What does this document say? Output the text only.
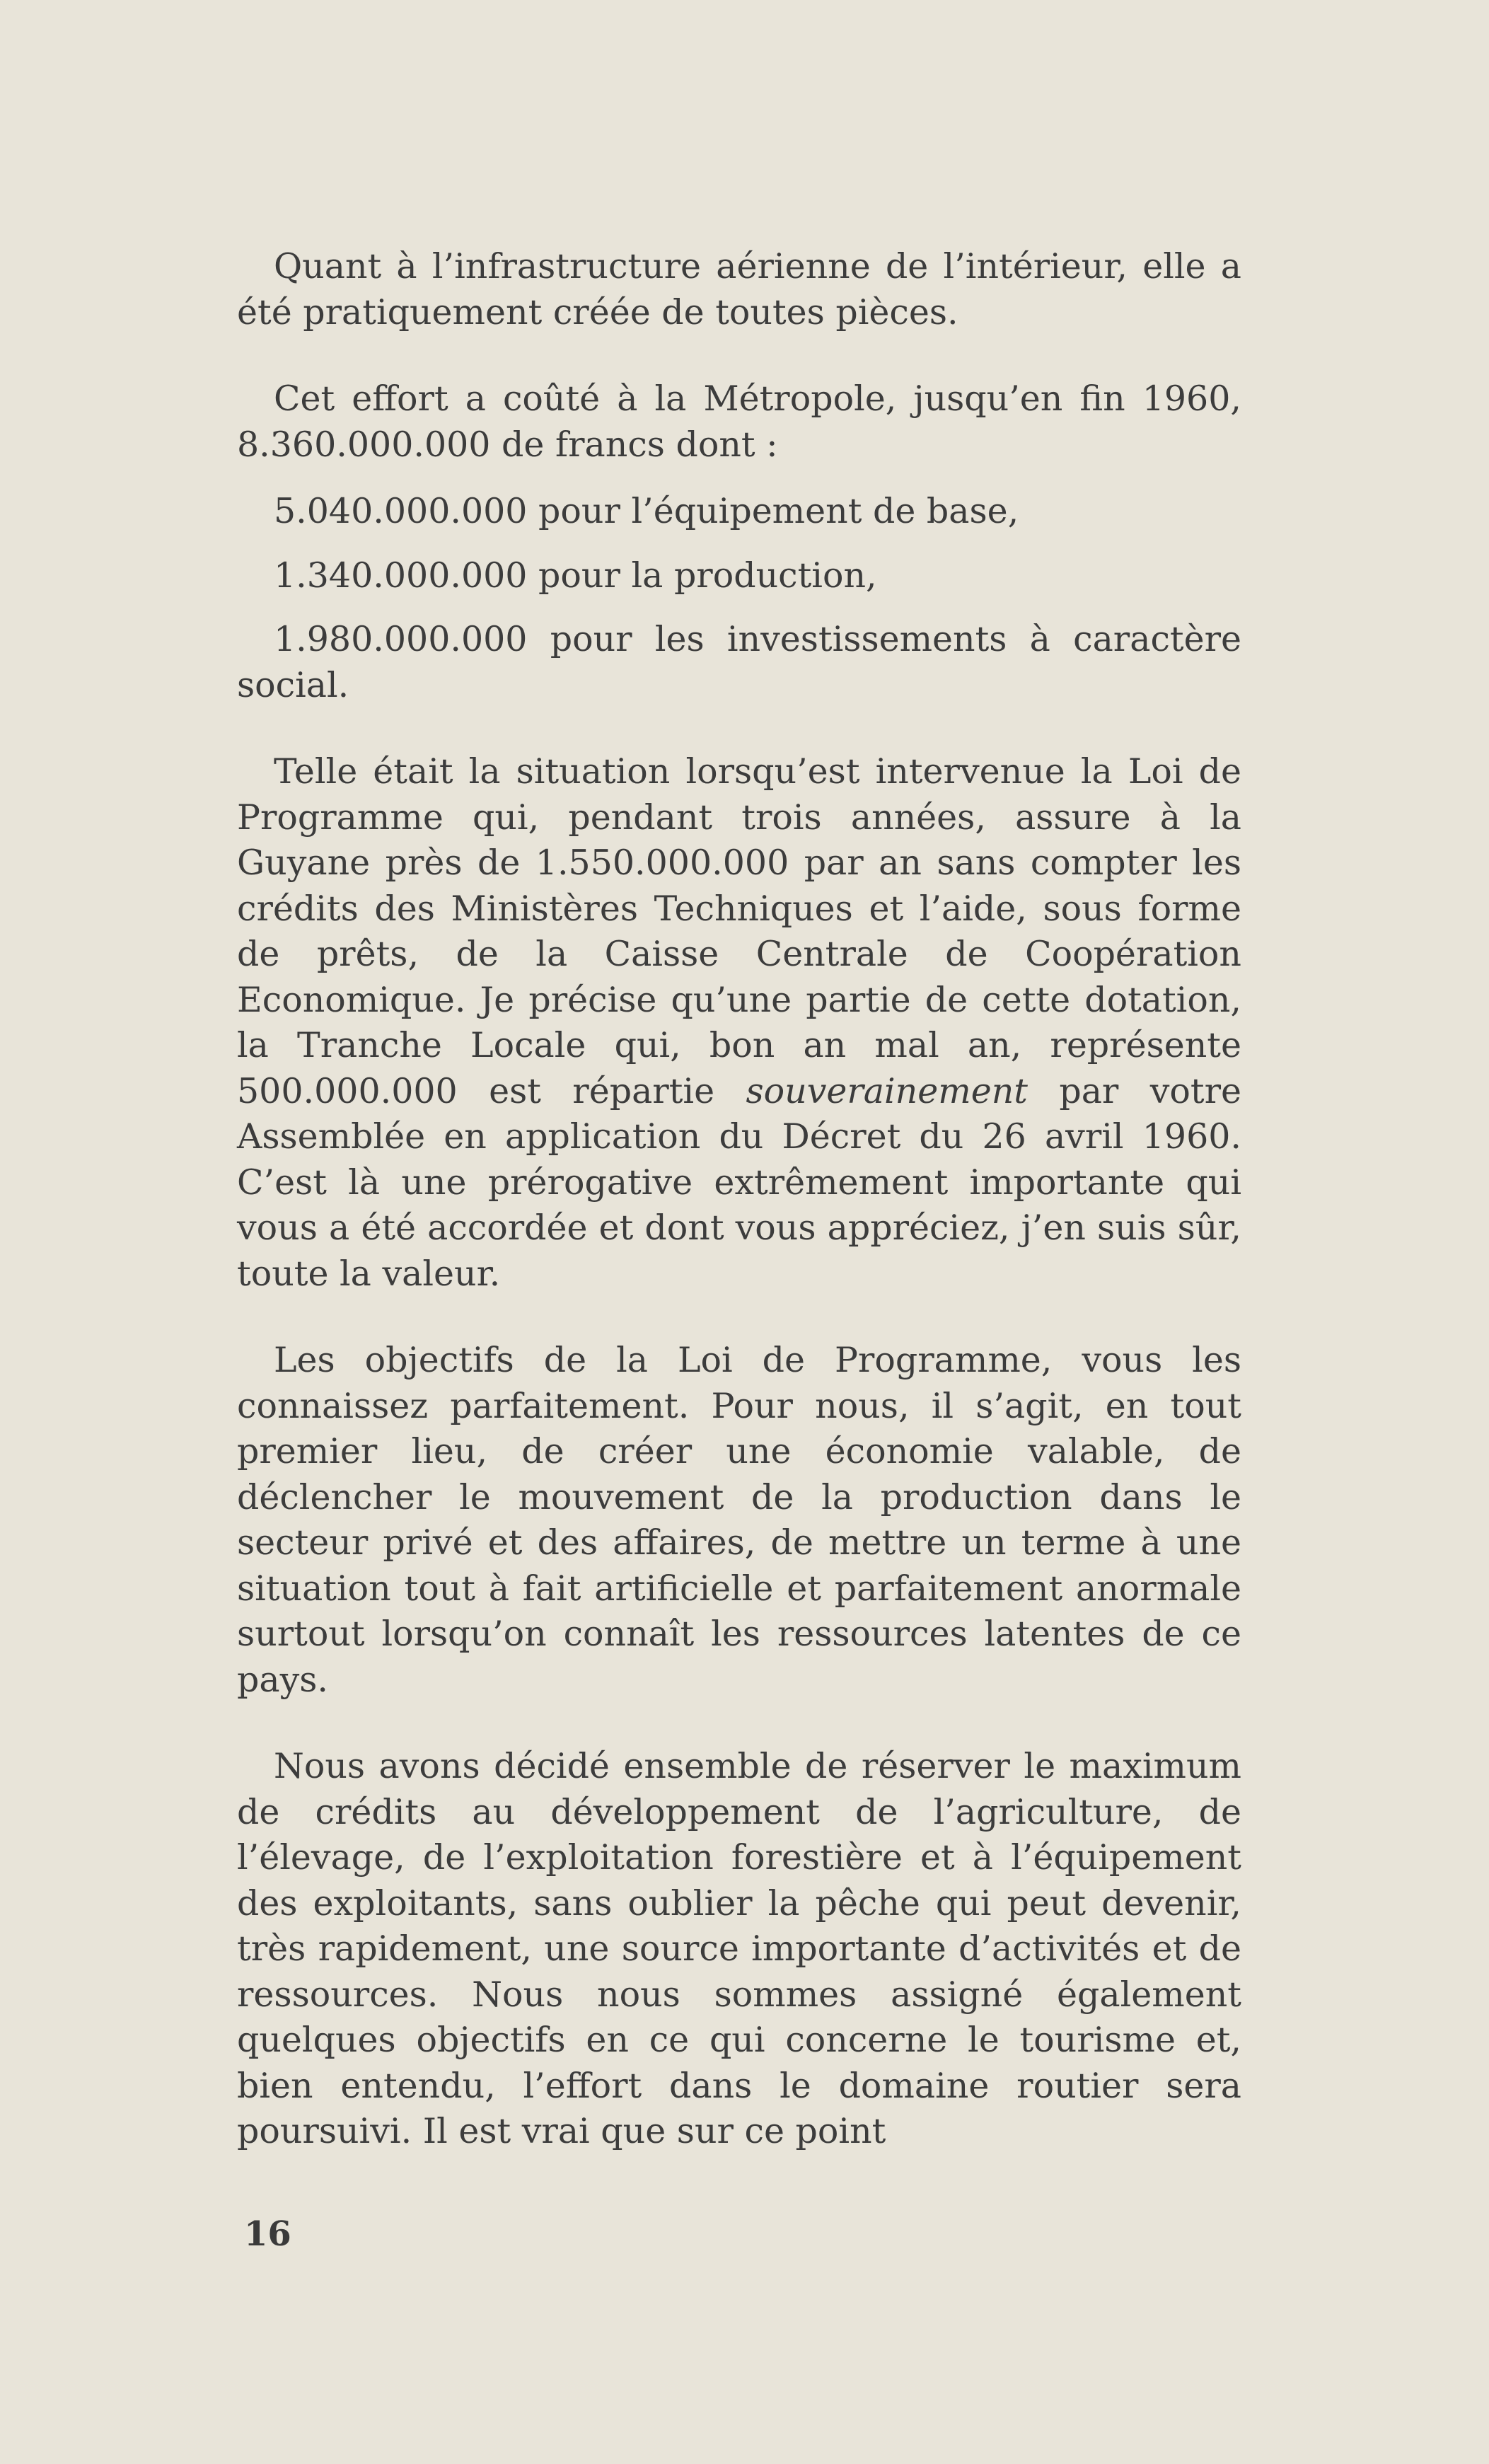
Quant à l’infrastructure aérienne de l’intérieur, elle a été pratiquement créée de toutes pièces.

Cet effort a coûté à la Métropole, jusqu’en fin 1960, 8.360.000.000 de francs dont :

5.040.000.000 pour l’équipement de base,

1.340.000.000 pour la production,

1.980.000.000 pour les investissements à caractère social.

Telle était la situation lorsqu’est intervenue la Loi de Programme qui, pendant trois années, assure à la Guyane près de 1.550.000.000 par an sans compter les crédits des Ministères Techniques et l’aide, sous forme de prêts, de la Caisse Centrale de Coopération Economique. Je précise qu’une partie de cette dotation, la Tranche Locale qui, bon an mal an, représente 500.000.000 est répartie souverainement par votre Assemblée en application du Décret du 26 avril 1960. C’est là une prérogative extrêmement importante qui vous a été accordée et dont vous appréciez, j’en suis sûr, toute la valeur.

Les objectifs de la Loi de Programme, vous les connaissez parfaitement. Pour nous, il s’agit, en tout premier lieu, de créer une économie valable, de déclencher le mouvement de la production dans le secteur privé et des affaires, de mettre un terme à une situation tout à fait artificielle et parfaitement anormale surtout lorsqu’on connaît les ressources latentes de ce pays.

Nous avons décidé ensemble de réserver le maximum de crédits au développement de l’agriculture, de l’élevage, de l’exploitation forestière et à l’équipement des exploitants, sans oublier la pêche qui peut devenir, très rapidement, une source importante d’activités et de ressources. Nous nous sommes assigné également quelques objectifs en ce qui concerne le tourisme et, bien entendu, l’effort dans le domaine routier sera poursuivi. Il est vrai que sur ce point

16
